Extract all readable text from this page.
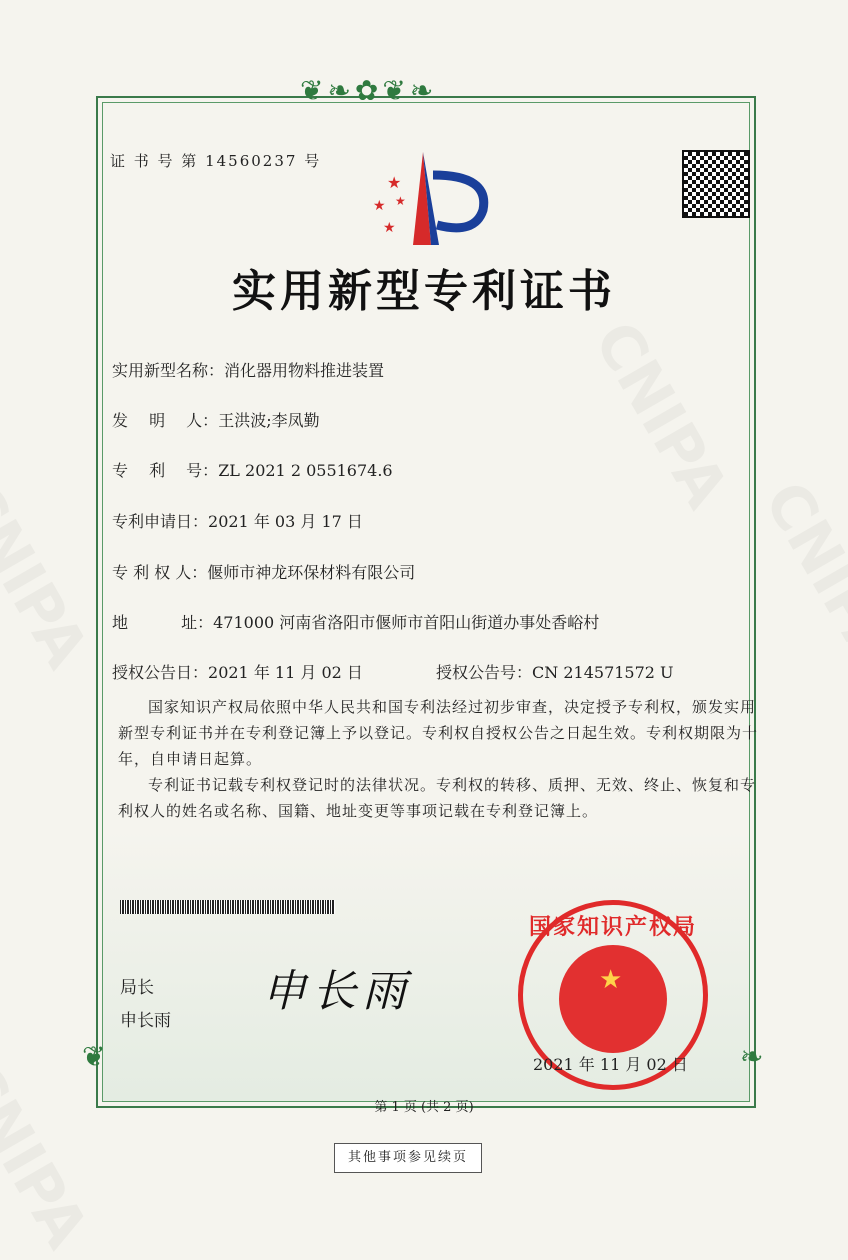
❦❧✿❦❧
❦	❧
证 书 号 第 14560237 号
★
★ ★
★
实用新型专利证书
实用新型名称：消化器用物料推进装置
发　 明　 人：王洪波;李凤勤
专　 利　 号：ZL 2021 2 0551674.6
专利申请日：2021 年 03 月 17 日
专 利 权 人：偃师市神龙环保材料有限公司
地　　　 址：471000 河南省洛阳市偃师市首阳山街道办事处香峪村
授权公告日：2021 年 11 月 02 日	授权公告号：CN 214571572 U

国家知识产权局依照中华人民共和国专利法经过初步审查，决定授予专利权，颁发实用新型专利证书并在专利登记簿上予以登记。专利权自授权公告之日起生效。专利权期限为十年，自申请日起算。

专利证书记载专利权登记时的法律状况。专利权的转移、质押、无效、终止、恢复和专利权人的姓名或名称、国籍、地址变更等事项记载在专利登记簿上。

局长
申长雨
申长雨	★
国家知识产权局
2021 年 11 月 02 日
第 1 页 (共 2 页)
其他事项参见续页
